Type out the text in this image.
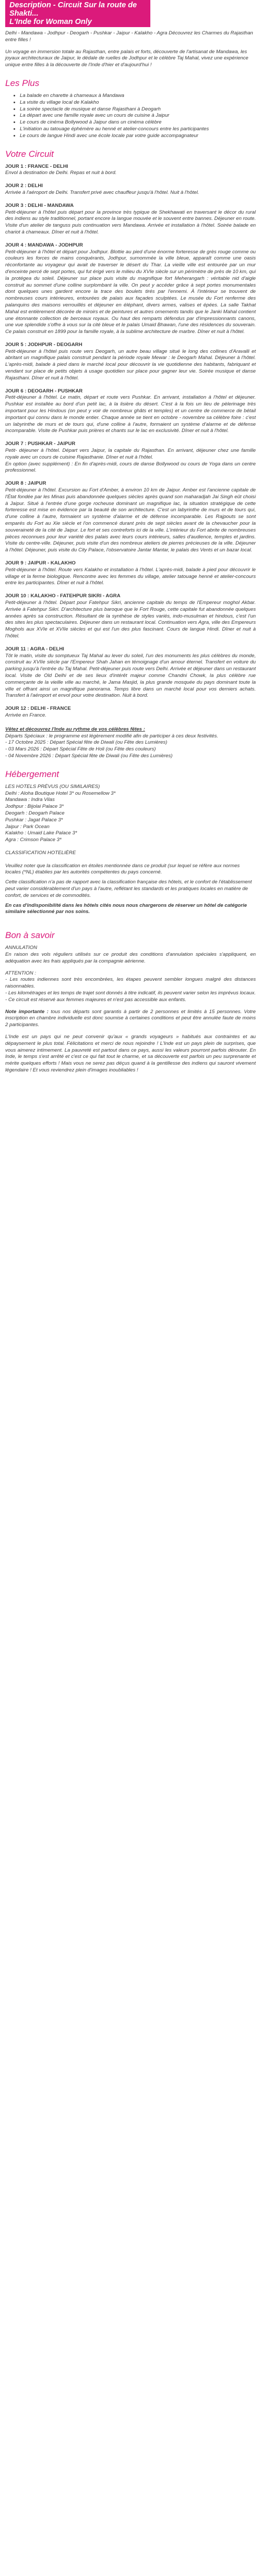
Description - Circuit Sur la route de Shakti...
L'Inde for Woman Only

Delhi - Mandawa - Jodhpur - Deogarh - Pushkar - Jaipur - Kalakho - Agra Découvrez les Charmes du Rajasthan entre filles !

Un voyage en immersion totale au Rajasthan, entre palais et forts, découverte de l'artisanat de Mandawa, les joyaux architecturaux de Jaipur, le dédale de ruelles de Jodhpur et le célèbre Taj Mahal, vivez une expérience unique entre filles à la découverte de l'Inde d'hier et d'aujourd'hui !

Les Plus
• La balade en charette à chameaux à Mandawa
• La visite du village local de Kalakho
• La soirée spectacle de musique et danse Rajasthani à Deogarh
• La départ avec une famille royale avec un cours de cuisine à Jaipur
• Le cours de cinéma Bollywood à Jaipur dans un cinéma célèbre
• L'initiation au tatouage éphémère au henné et atelier-concours entre les participantes
• Le cours de langue Hindi avec une école locale par votre guide accompagnateur
Votre Circuit
JOUR 1 : FRANCE - DELHI
Envol à destination de Delhi. Repas et nuit à bord.
JOUR 2 : DELHI
Arrivée à l'aéroport de Delhi. Transfert privé avec chauffeur jusqu'à l'hôtel. Nuit à l'hôtel.
JOUR 3 : DELHI - MANDAWA
Petit-déjeuner à l'hôtel puis départ pour la province très typique de Shekhawati en traversant le décor du rural des indiens au style traditionnel, portant encore la langue mouvée et le souvent entre bannes. Déjeuner en route. Visite d'un atelier de tanguss puis continuation vers Mandawa. Arrivée et installation à l'hôtel. Soirée balade en chariot à chameaux. Dîner et nuit à l'hôtel.
JOUR 4 : MANDAWA - JODHPUR
Petit-déjeuner à l'hôtel et départ pour Jodhpur. Blottie au pied d'une énorme forteresse de grès rouge comme ou couleurs les forces de mains conquérants, Jodhpur, surnommée la ville bleue, apparaît comme une oasis réconfortante au voyageur qui avait de traverser le désert du Thar. La vieille ville est entourée par un mur d'enceinte percé de sept portes, qui fut érigé vers le milieu du XVIe siècle sur un périmètre de près de 10 km, qui la protégea du soleil. Déjeuner sur place puis visite du magnifique fort Meherangarh : véritable nid d'aigle construit au sommet d'une colline surplombant la ville. On peut y accéder grâce à sept portes monumentales dont quelques unes gardent encore la trace des boulets tirés par l'ennemi. À l'intérieur se trouvent de nombreuses cours intérieures, entourées de palais aux façades sculptées. Le musée du Fort renferme des palanquins des maisons verrouillés et déjeuner en éléphant, divers armes, valises et épées. La salle Takhat Mahal est entièrement décorée de miroirs et de peintures et autres ornements tandis que le Janki Mahal contient une étonnante collection de berceaux royaux. Ou haut des remparts défendus par d'impressionnants canons, une vue splendide s'offre à vous sur la cité bleue et le palais Umaid Bhawan, l'une des résidences du souverain. Ce palais construit en 1899 pour la famille royale, à la sublime architecture de marbre. Dîner et nuit à l'hôtel.
JOUR 5 : JODHPUR - DEOGARH
Petit-déjeuner à l'hôtel puis route vers Deogarh, un autre beau village situé le long des collines d'Aravalli et abritant un magnifique palais construit pendant la période royale Mewar : le Deogarh Mahal. Déjeuner à l'hôtel. L'après-midi, balade à pied dans le marché local pour découvrir la vie quotidienne des habitants, fabriquant et vendant sur place de petits objets à usage quotidien sur place pour gagner leur vie. Soirée musique et danse Rajasthani. Dîner et nuit à l'hôtel.
JOUR 6 : DEOGARH - PUSHKAR
Petit-déjeuner à l'hôtel. Le matin, départ et route vers Pushkar. En arrivant, installation à l'hôtel et déjeuner. Pushkar est installée au bord d'un petit lac, à la lisière du désert. C'est à la fois un lieu de pèlerinage très important pour les Hindous (on peut y voir de nombreux ghâts et temples) et un centre de commerce de bétail important qui connu dans le monde entier. Chaque année se tient en octobre - novembre sa célèbre foire : c'est un labyrinthe de murs et de tours qui, d'une colline à l'autre, formaient un système d'alarme et de défense incomparable. Visite de Pushkar puis prières et chants sur le lac en exclusivité. Dîner et nuit à l'hôtel.
JOUR 7 : PUSHKAR - JAIPUR
Petit- déjeuner à l'hôtel. Départ vers Jaipur, la capitale du Rajasthan. En arrivant, déjeuner chez une famille royale avec un cours de cuisine Rajasthanie. Dîner et nuit à l'hôtel.
En option (avec supplément) : En fin d'après-midi, cours de danse Bollywood ou cours de Yoga dans un centre professionnel.
JOUR 8 : JAIPUR
Petit-déjeuner à l'hôtel. Excursion au Fort d'Amber, à environ 10 km de Jaipur. Amber est l'ancienne capitale de l'État fondée par les Minas puis abandonnée quelques siècles après quand son maharadjah Jai Singh eût choisi à Jaipur. Situé à l'entrée d'une gorge rocheuse dominant un magnifique lac, la situation stratégique de cette forteresse est mise en évidence par la beauté de son architecture. C'est un labyrinthe de murs et de tours qui, d'une colline à l'autre, formaient un système d'alarme et de défense incomparable. Les Rajpouts se sont emparés du Fort au Xie siècle et l'on commencé durant près de sept siècles avant de la chevaucher pour la souveraineté de la cité de Jaipur. Le fort et ses contreforts ici de la ville. L'intérieur du Fort abrite de nombreuses pièces reconnues pour leur variété des palais avec leurs cours intérieurs, salles d'audience, temples et jardins. Visite du centre-ville. Déjeuner, puis visite d'un des nombreux ateliers de pierres précieuses de la ville. Déjeuner à l'hôtel. Déjeuner, puis visite du City Palace, l'observatoire Jantar Mantar, le palais des Vents et un bazar local.
JOUR 9 : JAIPUR - KALAKHO
Petit-déjeuner à l'hôtel. Route vers Kalakho et installation à l'hôtel. L'après-midi, balade à pied pour découvrir le village et la ferme biologique. Rencontre avec les femmes du village, atelier tatouage henné et atelier-concours entre les participantes. Dîner et nuit à l'hôtel.
JOUR 10 : KALAKHO - FATEHPUR SIKRI - AGRA
Petit-déjeuner à l'hôtel. Départ pour Fatehpur Sikri, ancienne capitale du temps de l'Empereur moghol Akbar. Arrivée à Fatehpur Sikri. D'architecture plus baroque que le Fort Rouge, cette capitale fut abandonnée quelques années après sa construction. Résultant de la synthèse de styles variés, indo-musulman et hindous, c'est l'un des sites les plus spectaculaires. Déjeuner dans un restaurant local. Continuation vers Agra, ville des Empereurs Moghols aux XVIe et XVIIe siècles et qui est l'un des plus fascinant. Cours de langue Hindi. Dîner et nuit à l'hôtel.
JOUR 11 : AGRA - DELHI
Tôt le matin, visite du somptueux Taj Mahal au lever du soleil, l'un des monuments les plus célèbres du monde, construit au XVIIe siècle par l'Empereur Shah Jahan en témoignage d'un amour éternel. Transfert en voiture du parking jusqu'à l'entrée du Taj Mahal. Petit-déjeuner puis route vers Delhi. Arrivée et déjeuner dans un restaurant local. Visite de Old Delhi et de ses lieux d'intérêt majeur comme Chandni Chowk, la plus célèbre rue commerçante de la vieille ville au marché, le Jama Masjid, la plus grande mosquée du pays dominant toute la ville et offrant ainsi un magnifique panorama. Temps libre dans un marché local pour vos derniers achats. Transfert à l'aéroport et envol pour votre destination. Nuit à bord.
JOUR 12 : DELHI - FRANCE
Arrivée en France.
Vêtez et découvrez l'Inde au rythme de vos célèbres fêtes :
Départs Spéciaux : le programme est légèrement modifié afin de participer à ces deux festivités.
- 17 Octobre 2025 : Départ Spécial fête de Diwali (ou Fête des Lumières)
- 03 Mars 2026 : Départ Spécial Fête de Holi (ou Fête des couleurs)
- 04 Novembre 2026 : Départ Spécial fête de Diwali (ou Fête des Lumières)
Hébergement
LES HOTELS PRÉVUS (OU SIMILAIRES)
Delhi : Aloha Boutique Hotel 3* ou Rosemellow 3*
Mandawa : Indra Vilas
Jodhpur : Bijolai Palace 3*
Deogarh : Deogarh Palace
Pushkar : Jagat Palace 3*
Jaipur : Park Ocean
Kalakho : Umaid Lake Palace 3*
Agra : Crimson Palace 3*
CLASSIFICATION HOTELIÈRE

Veuillez noter que la classification en étoiles mentionnée dans ce produit (sur lequel se réfère aux normes locales (*NL) établies par les autorités compétentes du pays concerné.

Cette classification n'a pas de rapport avec la classification française des hôtels, et le confort de l'établissement peut varier considérablement d'un pays à l'autre, reflétant les standards et les pratiques locales en matière de confort, de services et de commodités.

En cas d'indisponibilité dans les hôtels cités nous nous chargerons de réserver un hôtel de catégorie similaire sélectionné par nos soins.

Bon à savoir
ANNULATION

En raison des vols réguliers utilisés sur ce produit des conditions d'annulation spéciales s'appliquent, en adéquation avec les frais appliqués par la compagnie aérienne.

ATTENTION :

- Les routes indiennes sont très encombrées, les étapes peuvent sembler longues malgré des distances raisonnables.

- Les kilométrages et les temps de trajet sont donnés à titre indicatif, ils peuvent varier selon les imprévus locaux.

- Ce circuit est réservé aux femmes majeures et n'est pas accessible aux enfants.

Note importante : tous nos départs sont garantis à partir de 2 personnes et limités à 15 personnes. Votre inscription en chambre individuelle est donc soumise à certaines conditions et peut être annulée faute de moins 2 participantes.

L'Inde est un pays qui ne peut convenir qu'aux « grands voyageurs » habitués aux contraintes et au dépaysement le plus total. Félicitations et merci de nous rejoindre ! L'Inde est un pays plein de surprises, que vous aimerez intimement. La pauvreté est partout dans ce pays, aussi les valeurs pourront parfois dérouter. En Inde, le temps s'est arrêté et c'est ce qui fait tout le charme, et sa découverte est parfois un peu surprenante et mérite quelques efforts ! Mais vous ne serez pas déçus quand à la gentillesse des indiens qui sauront vivement légendaire ! Et vous reviendrez plein d'images inoubliables !
